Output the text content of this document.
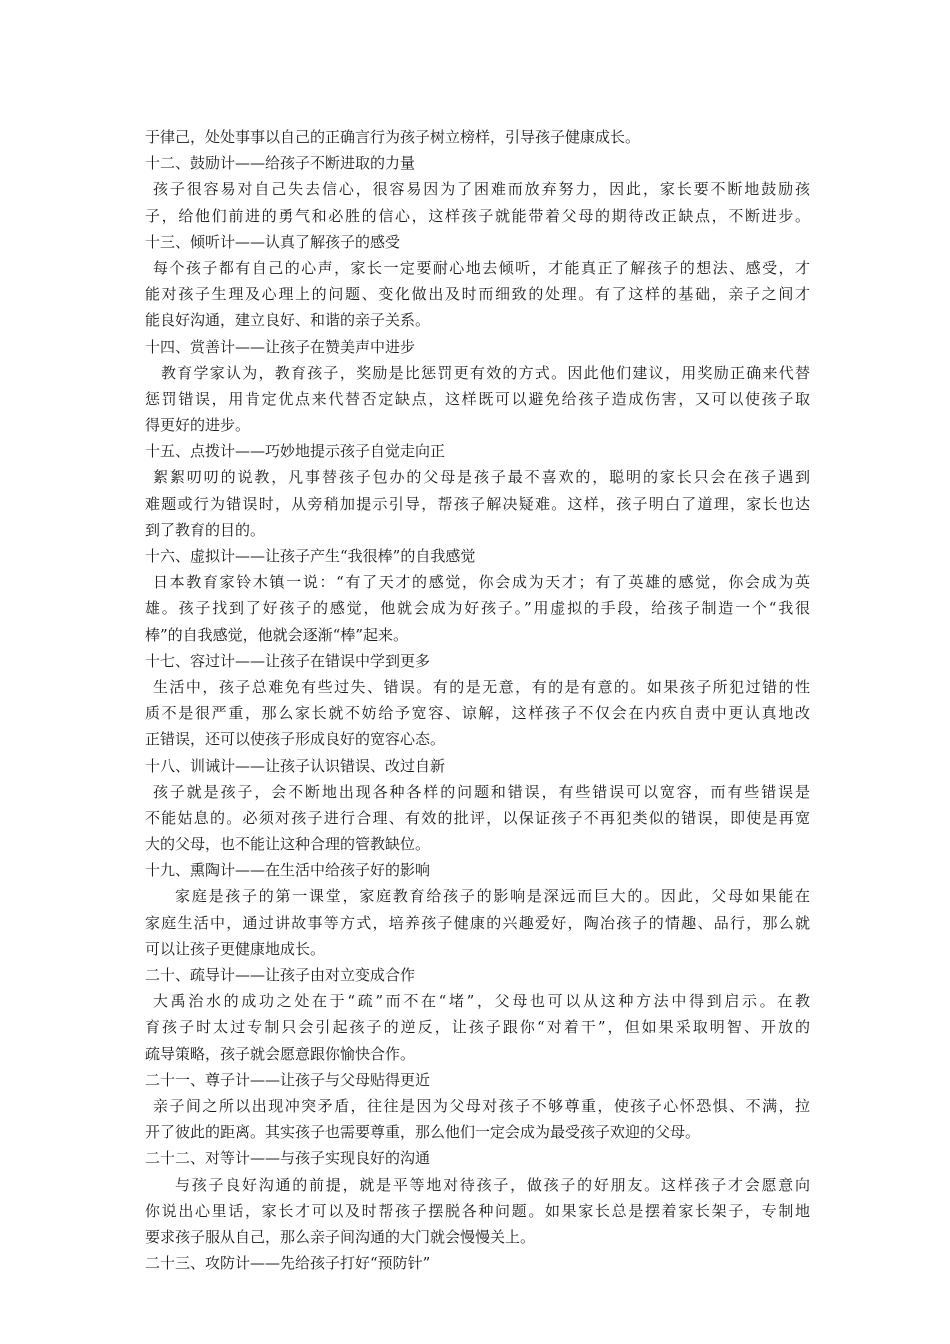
于律己，处处事事以自己的正确言行为孩子树立榜样，引导孩子健康成长。
十二、鼓励计——给孩子不断进取的力量
孩子很容易对自己失去信心，很容易因为了困难而放弃努力，因此，家长要不断地鼓励孩
子，给他们前进的勇气和必胜的信心，这样孩子就能带着父母的期待改正缺点，不断进步。
十三、倾听计——认真了解孩子的感受
每个孩子都有自己的心声，家长一定要耐心地去倾听，才能真正了解孩子的想法、感受，才
能对孩子生理及心理上的问题、变化做出及时而细致的处理。有了这样的基础，亲子之间才
能良好沟通，建立良好、和谐的亲子关系。
十四、赏善计——让孩子在赞美声中进步
教育学家认为，教育孩子，奖励是比惩罚更有效的方式。因此他们建议，用奖励正确来代替
惩罚错误，用肯定优点来代替否定缺点，这样既可以避免给孩子造成伤害，又可以使孩子取
得更好的进步。
十五、点拨计——巧妙地提示孩子自觉走向正
絮絮叨叨的说教，凡事替孩子包办的父母是孩子最不喜欢的，聪明的家长只会在孩子遇到
难题或行为错误时，从旁稍加提示引导，帮孩子解决疑难。这样，孩子明白了道理，家长也达
到了教育的目的。
十六、虚拟计——让孩子产生“我很棒”的自我感觉
日本教育家铃木镇一说：“有了天才的感觉，你会成为天才；有了英雄的感觉，你会成为英
雄。孩子找到了好孩子的感觉，他就会成为好孩子。”用虚拟的手段，给孩子制造一个“我很
棒”的自我感觉，他就会逐渐“棒”起来。
十七、容过计——让孩子在错误中学到更多
生活中，孩子总难免有些过失、错误。有的是无意，有的是有意的。如果孩子所犯过错的性
质不是很严重，那么家长就不妨给予宽容、谅解，这样孩子不仅会在内疚自责中更认真地改
正错误，还可以使孩子形成良好的宽容心态。
十八、训诫计——让孩子认识错误、改过自新
孩子就是孩子，会不断地出现各种各样的问题和错误，有些错误可以宽容，而有些错误是
不能姑息的。必须对孩子进行合理、有效的批评，以保证孩子不再犯类似的错误，即使是再宽
大的父母，也不能让这种合理的管教缺位。
十九、熏陶计——在生活中给孩子好的影响
家庭是孩子的第一课堂，家庭教育给孩子的影响是深远而巨大的。因此，父母如果能在
家庭生活中，通过讲故事等方式，培养孩子健康的兴趣爱好，陶冶孩子的情趣、品行，那么就
可以让孩子更健康地成长。
二十、疏导计——让孩子由对立变成合作
大禹治水的成功之处在于“疏”而不在“堵”，父母也可以从这种方法中得到启示。在教
育孩子时太过专制只会引起孩子的逆反，让孩子跟你“对着干”，但如果采取明智、开放的
疏导策略，孩子就会愿意跟你愉快合作。
二十一、尊子计——让孩子与父母贴得更近
亲子间之所以出现冲突矛盾，往往是因为父母对孩子不够尊重，使孩子心怀恐惧、不满，拉
开了彼此的距离。其实孩子也需要尊重，那么他们一定会成为最受孩子欢迎的父母。
二十二、对等计——与孩子实现良好的沟通
与孩子良好沟通的前提，就是平等地对待孩子，做孩子的好朋友。这样孩子才会愿意向
你说出心里话，家长才可以及时帮孩子摆脱各种问题。如果家长总是摆着家长架子，专制地
要求孩子服从自己，那么亲子间沟通的大门就会慢慢关上。
二十三、攻防计——先给孩子打好“预防针”
